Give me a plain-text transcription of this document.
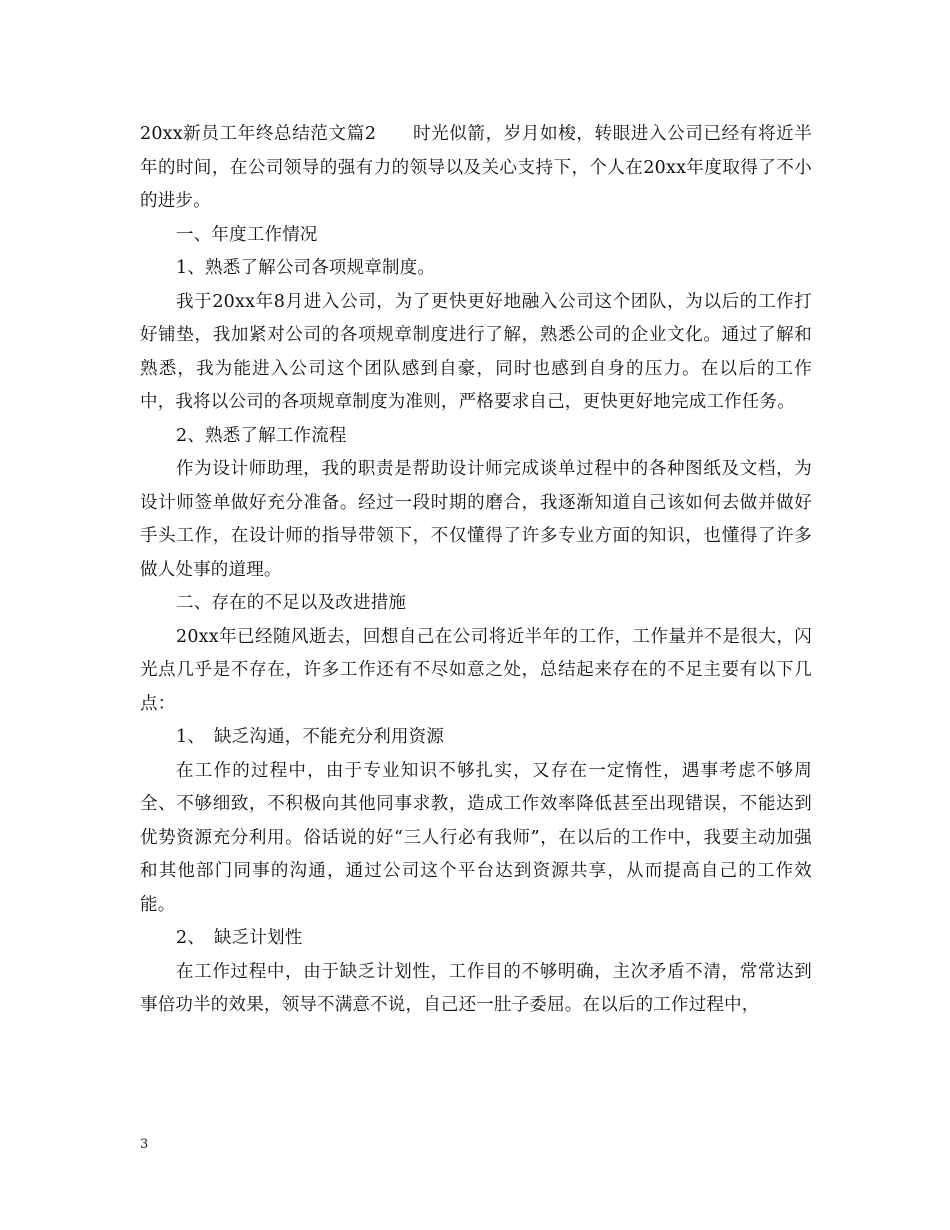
20xx新员工年终总结范文篇2　　时光似箭，岁月如梭，转眼进入公司已经有将近半年的时间，在公司领导的强有力的领导以及关心支持下，个人在20xx年度取得了不小的进步。

一、年度工作情况

1、熟悉了解公司各项规章制度。

我于20xx年8月进入公司，为了更快更好地融入公司这个团队，为以后的工作打好铺垫，我加紧对公司的各项规章制度进行了解，熟悉公司的企业文化。通过了解和熟悉，我为能进入公司这个团队感到自豪，同时也感到自身的压力。在以后的工作中，我将以公司的各项规章制度为准则，严格要求自己，更快更好地完成工作任务。

2、熟悉了解工作流程

作为设计师助理，我的职责是帮助设计师完成谈单过程中的各种图纸及文档，为设计师签单做好充分准备。经过一段时期的磨合，我逐渐知道自己该如何去做并做好手头工作，在设计师的指导带领下，不仅懂得了许多专业方面的知识，也懂得了许多做人处事的道理。

二、存在的不足以及改进措施

20xx年已经随风逝去，回想自己在公司将近半年的工作，工作量并不是很大，闪光点几乎是不存在，许多工作还有不尽如意之处，总结起来存在的不足主要有以下几点：

1、　缺乏沟通，不能充分利用资源

在工作的过程中，由于专业知识不够扎实，又存在一定惰性，遇事考虑不够周全、不够细致，不积极向其他同事求教，造成工作效率降低甚至出现错误，不能达到优势资源充分利用。俗话说的好“三人行必有我师”，在以后的工作中，我要主动加强和其他部门同事的沟通，通过公司这个平台达到资源共享，从而提高自己的工作效能。

2、　缺乏计划性

在工作过程中，由于缺乏计划性，工作目的不够明确，主次矛盾不清，常常达到事倍功半的效果，领导不满意不说，自己还一肚子委屈。在以后的工作过程中，

3
